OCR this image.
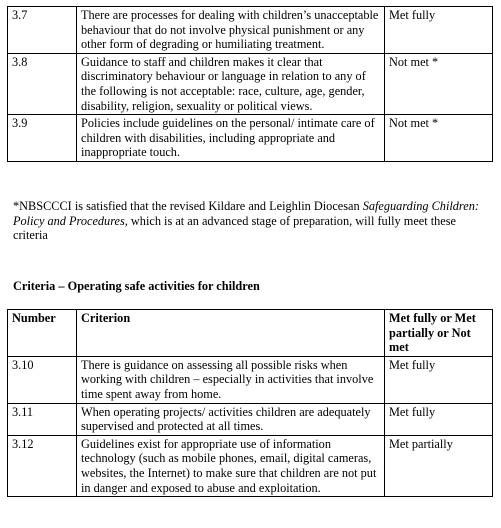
3.7	There are processes for dealing with children’s unacceptable behaviour that do not involve physical punishment or any other form of degrading or humiliating treatment.	Met fully
3.8	Guidance to staff and children makes it clear that discriminatory behaviour or language in relation to any of the following is not acceptable: race, culture, age, gender, disability, religion, sexuality or political views.	Not met *
3.9	Policies include guidelines on the personal/ intimate care of children with disabilities, including appropriate and inappropriate touch.	Not met *

*NBSCCCI is satisfied that the revised Kildare and Leighlin Diocesan Safeguarding Children: Policy and Procedures, which is at an advanced stage of preparation, will fully meet these criteria

Criteria – Operating safe activities for children
Number	Criterion	Met fully or Met partially or Not met
3.10	There is guidance on assessing all possible risks when working with children – especially in activities that involve time spent away from home.	Met fully
3.11	When operating projects/ activities children are adequately supervised and protected at all times.	Met fully
3.12	Guidelines exist for appropriate use of information technology (such as mobile phones, email, digital cameras, websites, the Internet) to make sure that children are not put in danger and exposed to abuse and exploitation.	Met partially
